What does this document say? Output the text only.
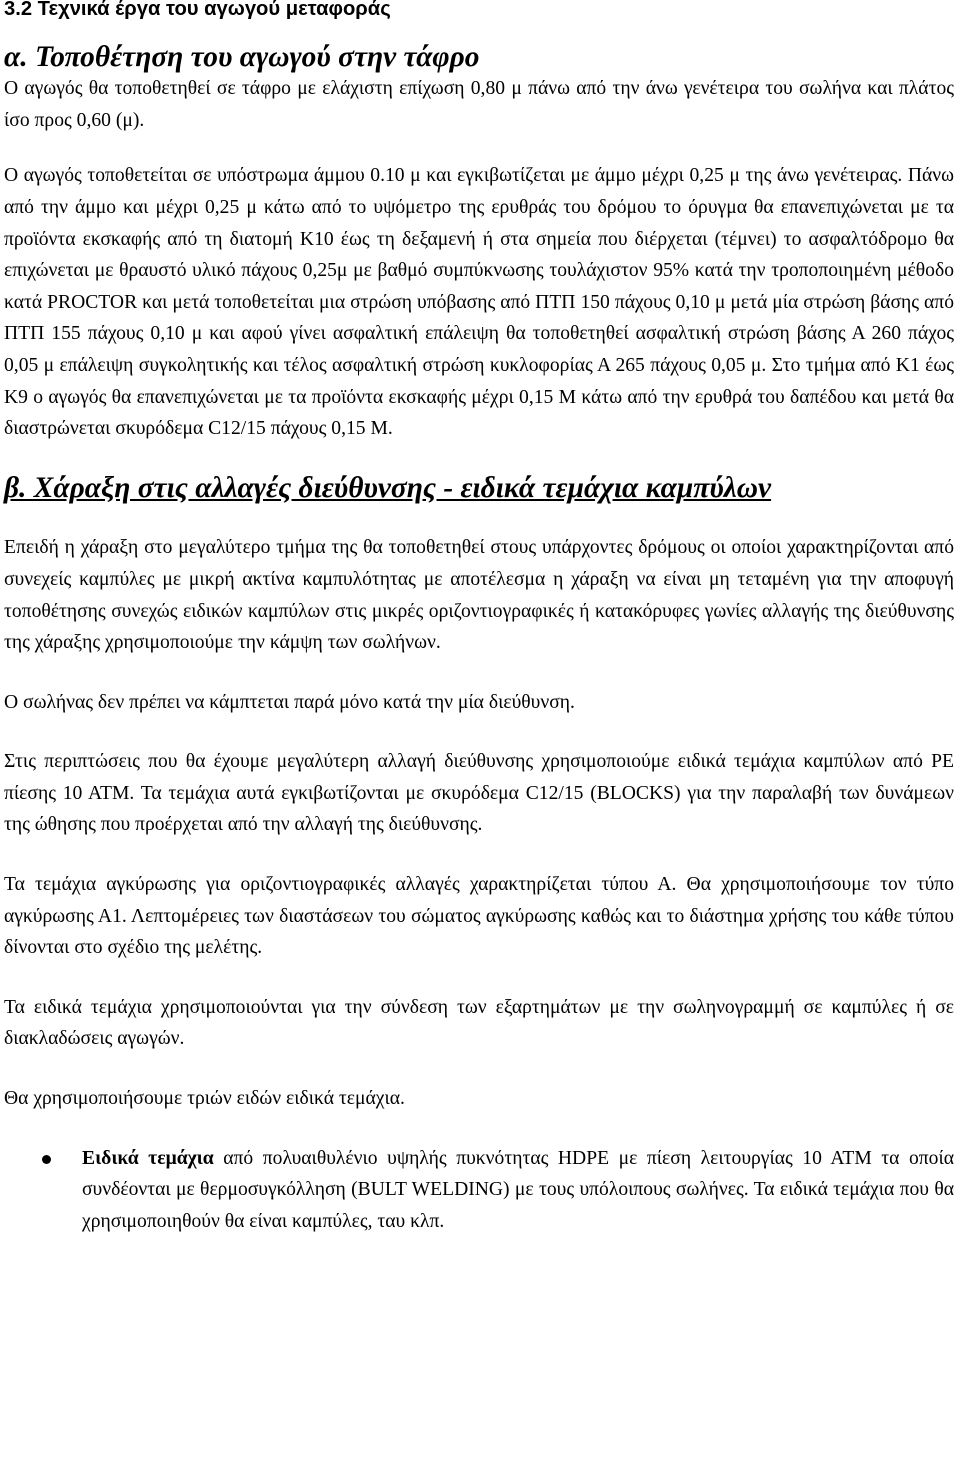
3.2 Τεχνικά έργα του αγωγού μεταφοράς
α. Τοποθέτηση του αγωγού στην τάφρο

Ο αγωγός θα τοποθετηθεί σε τάφρο με ελάχιστη επίχωση 0,80 μ πάνω από την άνω γενέτειρα του σωλήνα και πλάτος ίσο προς 0,60 (μ).

Ο αγωγός τοποθετείται σε υπόστρωμα άμμου 0.10 μ και εγκιβωτίζεται με άμμο μέχρι 0,25 μ της άνω γενέτειρας. Πάνω από την άμμο και μέχρι 0,25 μ κάτω από το υψόμετρο της ερυθράς του δρόμου το όρυγμα θα επανεπιχώνεται με τα προϊόντα εκσκαφής από τη διατομή Κ10 έως τη δεξαμενή ή στα σημεία που διέρχεται (τέμνει) το ασφαλτόδρομο θα επιχώνεται με θραυστό υλικό πάχους 0,25μ με βαθμό συμπύκνωσης τουλάχιστον 95% κατά την τροποποιημένη μέθοδο κατά PROCTOR και μετά τοποθετείται μια στρώση υπόβασης από ΠΤΠ 150 πάχους 0,10 μ μετά μία στρώση βάσης από ΠΤΠ 155 πάχους 0,10 μ και αφού γίνει ασφαλτική επάλειψη θα τοποθετηθεί ασφαλτική στρώση βάσης Α 260 πάχος 0,05 μ επάλειψη συγκολητικής και τέλος ασφαλτική στρώση κυκλοφορίας Α 265 πάχους 0,05 μ. Στο τμήμα από Κ1 έως Κ9 ο αγωγός θα επανεπιχώνεται με τα προϊόντα εκσκαφής μέχρι 0,15 Μ κάτω από την ερυθρά του δαπέδου και μετά θα διαστρώνεται σκυρόδεμα C12/15 πάχους 0,15 Μ.

β. Χάραξη στις αλλαγές διεύθυνσης - ειδικά τεμάχια καμπύλων

Επειδή η χάραξη στο μεγαλύτερο τμήμα της θα τοποθετηθεί στους υπάρχοντες δρόμους οι οποίοι χαρακτηρίζονται από συνεχείς καμπύλες με μικρή ακτίνα καμπυλότητας με αποτέλεσμα η χάραξη να είναι μη τεταμένη για την αποφυγή τοποθέτησης συνεχώς ειδικών καμπύλων στις μικρές οριζοντιογραφικές ή κατακόρυφες γωνίες αλλαγής της διεύθυνσης της χάραξης χρησιμοποιούμε την κάμψη των σωλήνων.

Ο σωλήνας δεν πρέπει να κάμπτεται παρά μόνο κατά την μία διεύθυνση.

Στις περιπτώσεις που θα έχουμε μεγαλύτερη αλλαγή διεύθυνσης χρησιμοποιούμε ειδικά τεμάχια καμπύλων από ΡΕ πίεσης 10 ΑΤΜ. Τα τεμάχια αυτά εγκιβωτίζονται με σκυρόδεμα C12/15 (BLOCKS) για την παραλαβή των δυνάμεων της ώθησης που προέρχεται από την αλλαγή της διεύθυνσης.

Τα τεμάχια αγκύρωσης για οριζοντιογραφικές αλλαγές χαρακτηρίζεται τύπου Α. Θα χρησιμοποιήσουμε τον τύπο αγκύρωσης Α1. Λεπτομέρειες των διαστάσεων του σώματος αγκύρωσης καθώς και το διάστημα χρήσης του κάθε τύπου δίνονται στο σχέδιο της μελέτης.

Τα ειδικά τεμάχια χρησιμοποιούνται για την σύνδεση των εξαρτημάτων με την σωληνογραμμή σε καμπύλες ή σε διακλαδώσεις αγωγών.

Θα χρησιμοποιήσουμε τριών ειδών ειδικά τεμάχια.

Ειδικά τεμάχια από πολυαιθυλένιο υψηλής πυκνότητας HDPE με πίεση λειτουργίας 10 ΑΤΜ τα οποία συνδέονται με θερμοσυγκόλληση (BULT WELDING) με τους υπόλοιπους σωλήνες. Τα ειδικά τεμάχια που θα χρησιμοποιηθούν θα είναι καμπύλες, ταυ κλπ.
